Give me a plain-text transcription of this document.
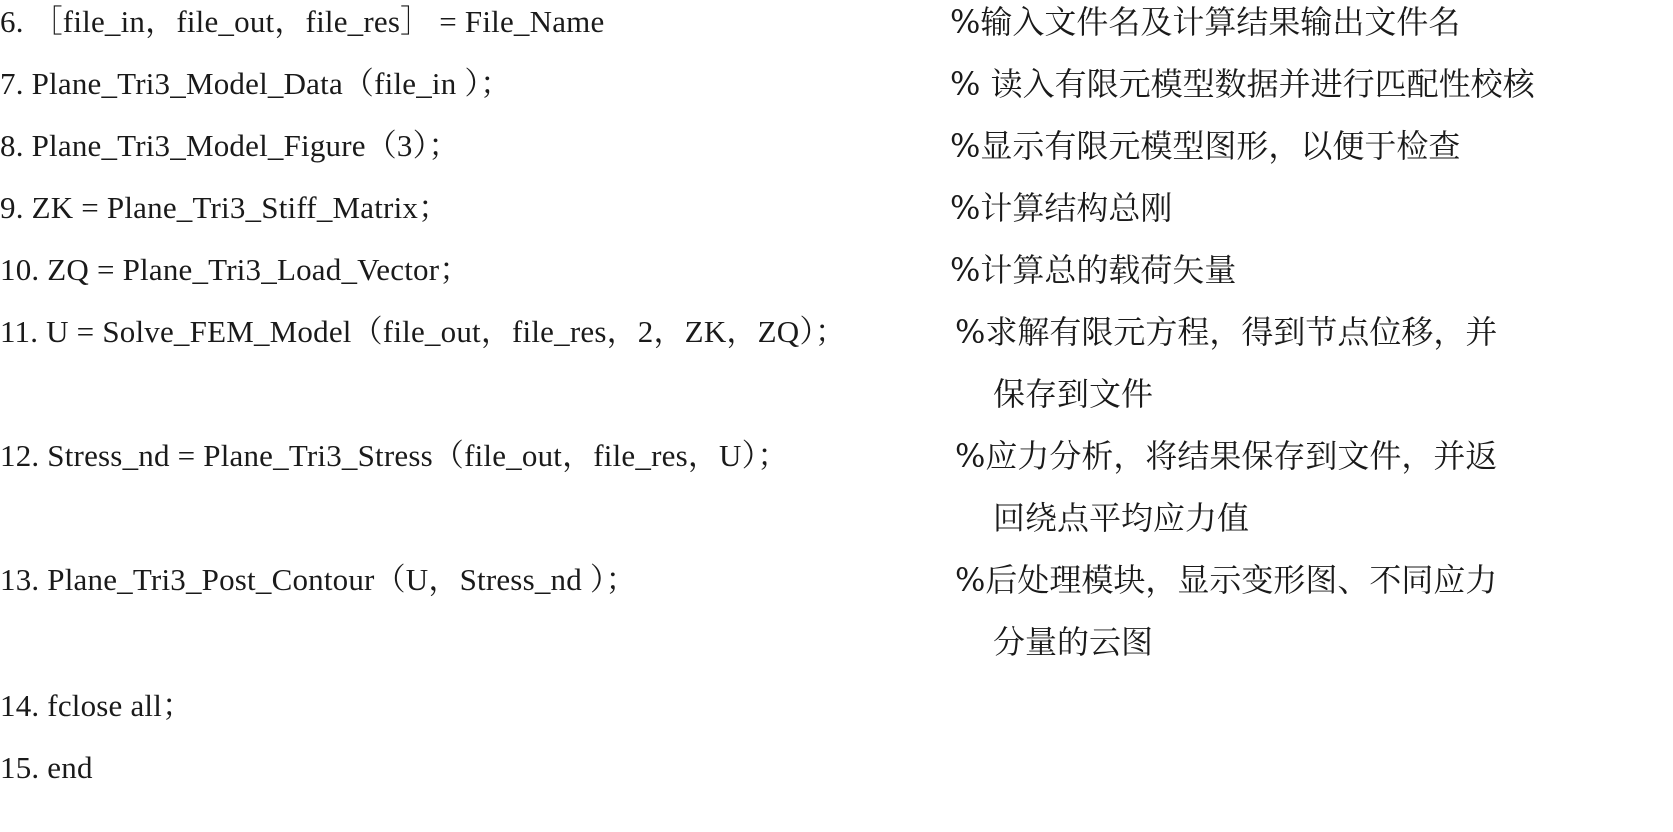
6. ［file_in，file_out，file_res］ = File_Name	%输入文件名及计算结果输出文件名
7. Plane_Tri3_Model_Data（file_in ）；	% 读入有限元模型数据并进行匹配性校核
8. Plane_Tri3_Model_Figure（3）；	%显示有限元模型图形，以便于检查
9. ZK = Plane_Tri3_Stiff_Matrix；	%计算结构总刚
10. ZQ = Plane_Tri3_Load_Vector；	%计算总的载荷矢量
11. U = Solve_FEM_Model（file_out，file_res，2，ZK，ZQ）；	%求解有限元方程，得到节点位移，并
保存到文件
12. Stress_nd = Plane_Tri3_Stress（file_out，file_res，U）；	%应力分析，将结果保存到文件，并返
回绕点平均应力值
13. Plane_Tri3_Post_Contour（U，Stress_nd ）；	%后处理模块，显示变形图、不同应力
分量的云图
14. fclose all；
15. end
